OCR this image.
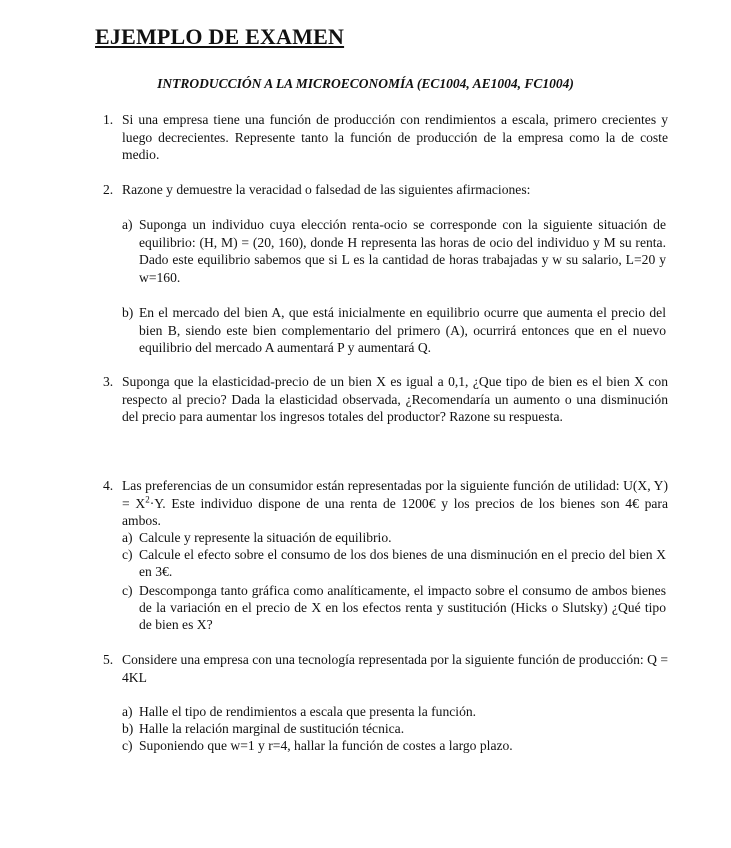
EJEMPLO DE EXAMEN

INTRODUCCIÓN A LA MICROECONOMÍA (EC1004, AE1004, FC1004)

1. Si una empresa tiene una función de producción con rendimientos a escala, primero crecientes y luego decrecientes. Represente tanto la función de producción de la empresa como la de coste medio.

2. Razone y demuestre la veracidad o falsedad de las siguientes afirmaciones:

a) Suponga un individuo cuya elección renta-ocio se corresponde con la siguiente situación de equilibrio: (H, M) = (20, 160), donde H representa las horas de ocio del individuo y M su renta. Dado este equilibrio sabemos que si L es la cantidad de horas trabajadas y w su salario, L=20 y w=160.

b) En el mercado del bien A, que está inicialmente en equilibrio ocurre que aumenta el precio del bien B, siendo este bien complementario del primero (A), ocurrirá entonces que en el nuevo equilibrio del mercado A aumentará P y aumentará Q.

3. Suponga que la elasticidad-precio de un bien X es igual a 0,1, ¿Que tipo de bien es el bien X con respecto al precio? Dada la elasticidad observada, ¿Recomendaría un aumento o una disminución del precio para aumentar los ingresos totales del productor? Razone su respuesta.

4. Las preferencias de un consumidor están representadas por la siguiente función de utilidad: U(X, $Y) = X^2\cdot Y$. Este individuo dispone de una renta de 1200€ y los precios de los bienes son 4€ para ambos.

a) Calcule y represente la situación de equilibrio.

c) Calcule el efecto sobre el consumo de los dos bienes de una disminución en el precio del bien X en 3€.

c) Descomponga tanto gráfica como analíticamente, el impacto sobre el consumo de ambos bienes de la variación en el precio de X en los efectos renta y sustitución (Hicks o Slutsky) ¿Qué tipo de bien es X?

5. Considere una empresa con una tecnología representada por la siguiente función de producción: Q = 4KL

a) Halle el tipo de rendimientos a escala que presenta la función.

b) Halle la relación marginal de sustitución técnica.

c) Suponiendo que w=1 y r=4, hallar la función de costes a largo plazo.
